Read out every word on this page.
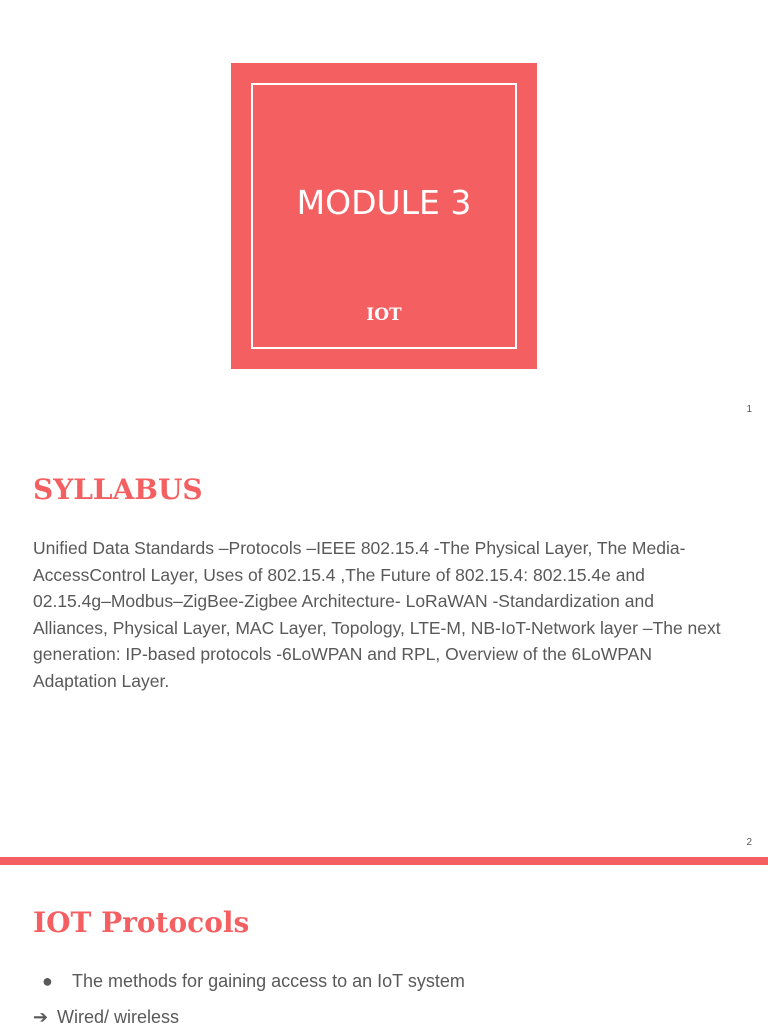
MODULE 3
IOT
1
SYLLABUS
Unified Data Standards –Protocols –IEEE 802.15.4 -The Physical Layer, The Media-AccessControl Layer, Uses of 802.15.4 ,The Future of 802.15.4: 802.15.4e and 02.15.4g–Modbus–ZigBee-Zigbee Architecture- LoRaWAN -Standardization and Alliances, Physical Layer, MAC Layer, Topology, LTE-M, NB-IoT-Network layer –The next generation: IP-based protocols -6LoWPAN and RPL, Overview of the 6LoWPAN Adaptation Layer.
2
IOT Protocols
●	The methods for gaining access to an IoT system
➔ Wired/ wireless
